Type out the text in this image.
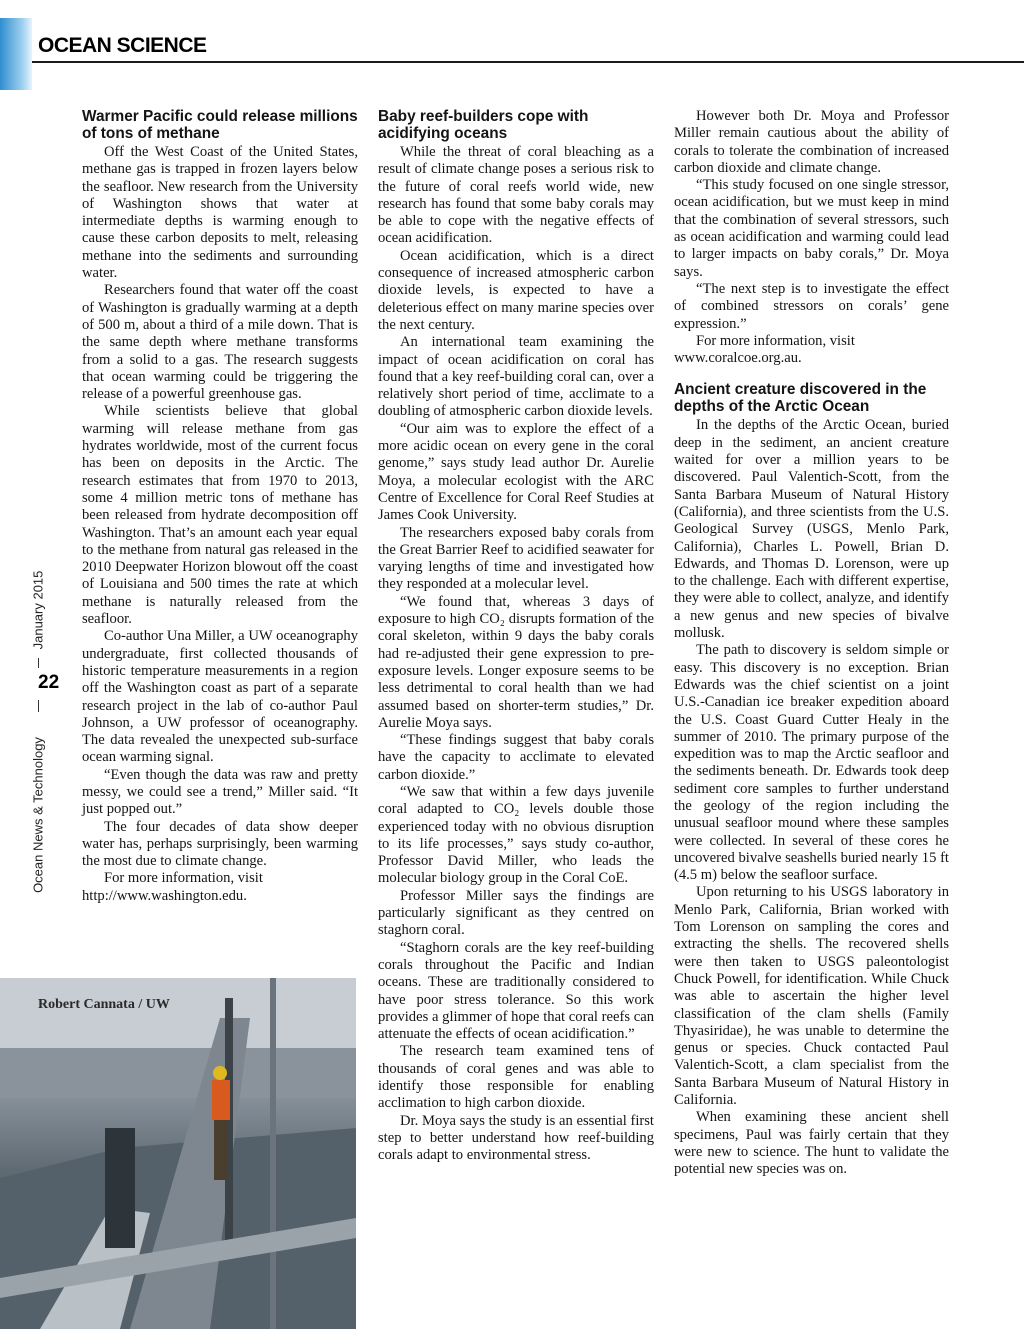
OCEAN SCIENCE
January 2015
Ocean News & Technology
22
Warmer Pacific could release millions of tons of methane

Off the West Coast of the United States, methane gas is trapped in frozen layers below the seafloor. New research from the University of Washington shows that water at intermediate depths is warming enough to cause these carbon deposits to melt, releasing methane into the sediments and surrounding water.

Researchers found that water off the coast of Washington is gradually warming at a depth of 500 m, about a third of a mile down. That is the same depth where methane transforms from a solid to a gas. The research suggests that ocean warming could be triggering the release of a powerful greenhouse gas.

While scientists believe that global warming will release methane from gas hydrates worldwide, most of the current focus has been on deposits in the Arctic. The research estimates that from 1970 to 2013, some 4 million metric tons of methane has been released from hydrate decomposition off Washington. That’s an amount each year equal to the methane from natural gas released in the 2010 Deepwater Horizon blowout off the coast of Louisiana and 500 times the rate at which methane is naturally released from the seafloor.

Co-author Una Miller, a UW oceanography undergraduate, first collected thousands of historic temperature measurements in a region off the Washington coast as part of a separate research project in the lab of co-author Paul Johnson, a UW professor of oceanography. The data revealed the unexpected sub-surface ocean warming signal.

“Even though the data was raw and pretty messy, we could see a trend,” Miller said. “It just popped out.”

The four decades of data show deeper water has, perhaps surprisingly, been warming the most due to climate change.

For more information, visit

http://www.washington.edu.

Robert Cannata / UW
Baby reef-builders cope with acidifying oceans

While the threat of coral bleaching as a result of climate change poses a serious risk to the future of coral reefs world wide, new research has found that some baby corals may be able to cope with the negative effects of ocean acidification.

Ocean acidification, which is a direct consequence of increased atmospheric carbon dioxide levels, is expected to have a deleterious effect on many marine species over the next century.

An international team examining the impact of ocean acidification on coral has found that a key reef-building coral can, over a relatively short period of time, acclimate to a doubling of atmospheric carbon dioxide levels.

“Our aim was to explore the effect of a more acidic ocean on every gene in the coral genome,” says study lead author Dr. Aurelie Moya, a molecular ecologist with the ARC Centre of Excellence for Coral Reef Studies at James Cook University.

The researchers exposed baby corals from the Great Barrier Reef to acidified seawater for varying lengths of time and investigated how they responded at a molecular level.

“We found that, whereas 3 days of exposure to high CO₂ disrupts formation of the coral skeleton, within 9 days the baby corals had re-adjusted their gene expression to pre-exposure levels. Longer exposure seems to be less detrimental to coral health than we had assumed based on shorter-term studies,” Dr. Aurelie Moya says.

“These findings suggest that baby corals have the capacity to acclimate to elevated carbon dioxide.”

“We saw that within a few days juvenile coral adapted to CO₂ levels double those experienced today with no obvious disruption to its life processes,” says study co-author, Professor David Miller, who leads the molecular biology group in the Coral CoE.

Professor Miller says the findings are particularly significant as they centred on staghorn coral.

“Staghorn corals are the key reef-building corals throughout the Pacific and Indian oceans. These are traditionally considered to have poor stress tolerance. So this work provides a glimmer of hope that coral reefs can attenuate the effects of ocean acidification.”

The research team examined tens of thousands of coral genes and was able to identify those responsible for enabling acclimation to high carbon dioxide.

Dr. Moya says the study is an essential first step to better understand how reef-building corals adapt to environmental stress.

However both Dr. Moya and Professor Miller remain cautious about the ability of corals to tolerate the combination of increased carbon dioxide and climate change.

“This study focused on one single stressor, ocean acidification, but we must keep in mind that the combination of several stressors, such as ocean acidification and warming could lead to larger impacts on baby corals,” Dr. Moya says.

“The next step is to investigate the effect of combined stressors on corals’ gene expression.”

For more information, visit

www.coralcoe.org.au.

Ancient creature discovered in the depths of the Arctic Ocean

In the depths of the Arctic Ocean, buried deep in the sediment, an ancient creature waited for over a million years to be discovered. Paul Valentich-Scott, from the Santa Barbara Museum of Natural History (California), and three scientists from the U.S. Geological Survey (USGS, Menlo Park, California), Charles L. Powell, Brian D. Edwards, and Thomas D. Lorenson, were up to the challenge. Each with different expertise, they were able to collect, analyze, and identify a new genus and new species of bivalve mollusk.

The path to discovery is seldom simple or easy. This discovery is no exception. Brian Edwards was the chief scientist on a joint U.S.-Canadian ice breaker expedition aboard the U.S. Coast Guard Cutter Healy in the summer of 2010. The primary purpose of the expedition was to map the Arctic seafloor and the sediments beneath. Dr. Edwards took deep sediment core samples to further understand the geology of the region including the unusual seafloor mound where these samples were collected. In several of these cores he uncovered bivalve seashells buried nearly 15 ft (4.5 m) below the seafloor surface.

Upon returning to his USGS laboratory in Menlo Park, California, Brian worked with Tom Lorenson on sampling the cores and extracting the shells. The recovered shells were then taken to USGS paleontologist Chuck Powell, for identification. While Chuck was able to ascertain the higher level classification of the clam shells (Family Thyasiridae), he was unable to determine the genus or species. Chuck contacted Paul Valentich-Scott, a clam specialist from the Santa Barbara Museum of Natural History in California.

When examining these ancient shell specimens, Paul was fairly certain that they were new to science. The hunt to validate the potential new species was on.
